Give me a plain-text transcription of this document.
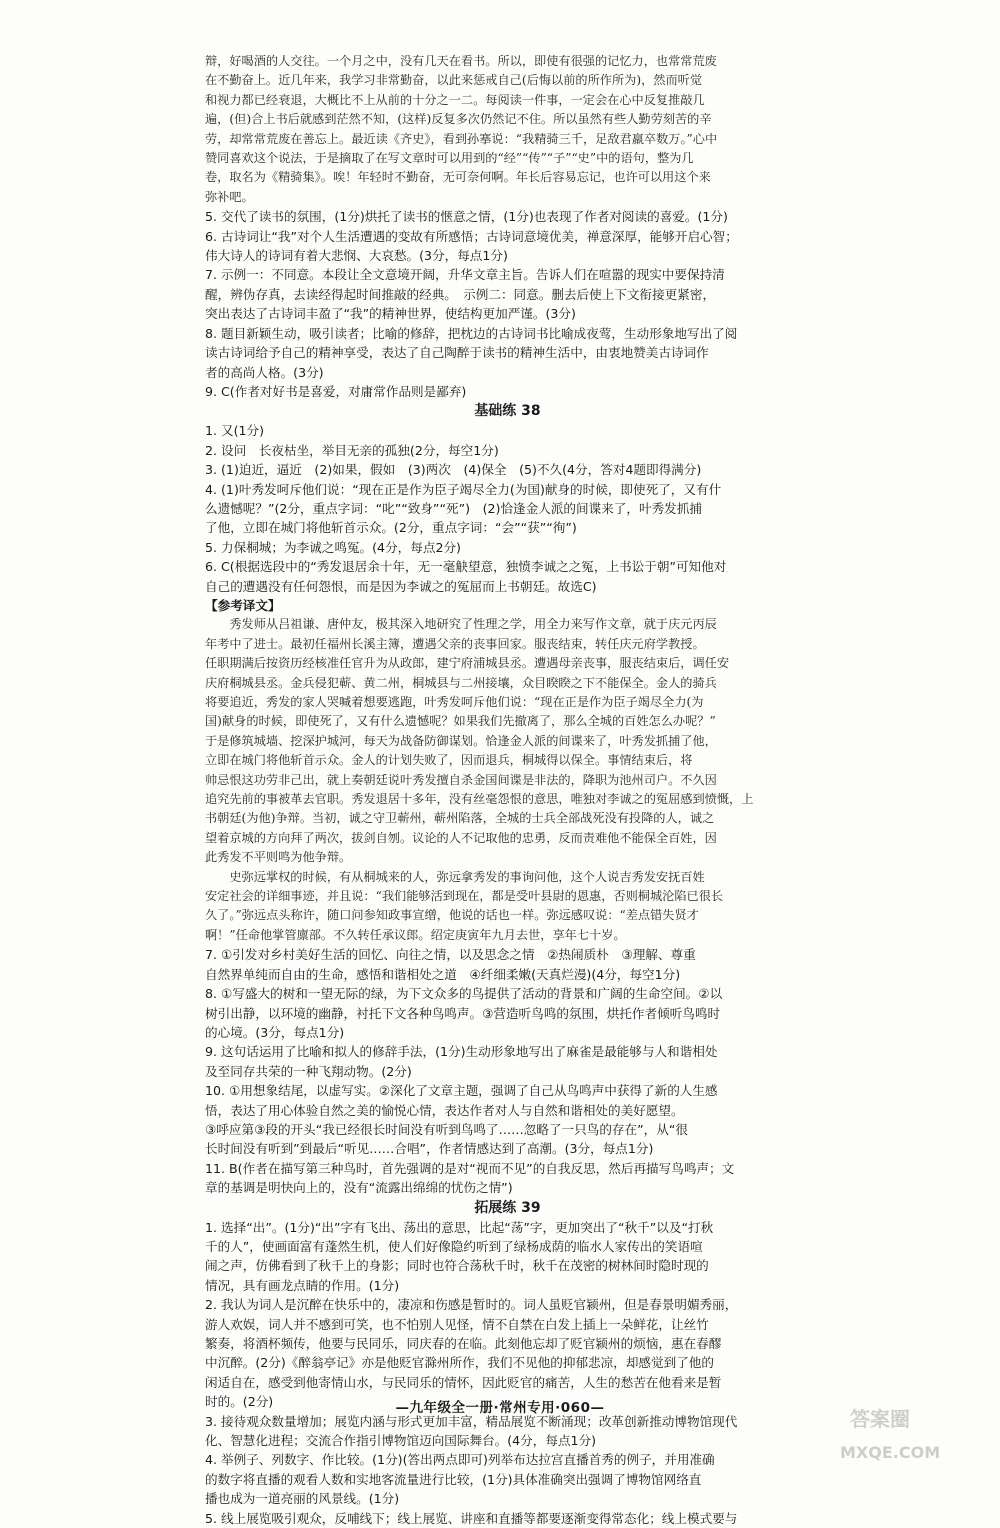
辩，好喝酒的人交往。一个月之中，没有几天在看书。所以，即使有很强的记忆力，也常常荒废
在不勤奋上。近几年来，我学习非常勤奋，以此来惩戒自己(后悔以前的所作所为)，然而听觉
和视力都已经衰退，大概比不上从前的十分之一二。每阅读一件事，一定会在心中反复推敲几
遍，(但)合上书后就感到茫然不知，(这样)反复多次仍然记不住。所以虽然有些人勤劳刻苦的辛
劳，却常常荒废在善忘上。最近读《齐史》，看到孙搴说：“我精骑三千，足敌君羸卒数万。”心中
赞同喜欢这个说法，于是摘取了在写文章时可以用到的“经”“传”“子”“史”中的语句，整为几
卷，取名为《精骑集》。唉！年轻时不勤奋，无可奈何啊。年长后容易忘记，也许可以用这个来
弥补吧。
5. 交代了读书的氛围，(1分)烘托了读书的惬意之情，(1分)也表现了作者对阅读的喜爱。(1分)
6. 古诗词让“我”对个人生活遭遇的变故有所感悟；古诗词意境优美，禅意深厚，能够开启心智；
伟大诗人的诗词有着大悲悯、大哀愁。(3分，每点1分)
7. 示例一：不同意。本段让全文意境开阔，升华文章主旨。告诉人们在喧嚣的现实中要保持清
醒，辨伪存真，去读经得起时间推敲的经典。　示例二：同意。删去后使上下文衔接更紧密，
突出表达了古诗词丰盈了“我”的精神世界，使结构更加严谨。(3分)
8. 题目新颖生动，吸引读者；比喻的修辞，把枕边的古诗词书比喻成夜莺，生动形象地写出了阅
读古诗词给予自己的精神享受，表达了自己陶醉于读书的精神生活中，由衷地赞美古诗词作
者的高尚人格。(3分)
9. C(作者对好书是喜爱，对庸常作品则是鄙弃)
基础练 38
1. 又(1分)
2. 设问　长夜枯坐，举目无亲的孤独(2分，每空1分)
3. (1)迫近，逼近　(2)如果，假如　(3)两次　(4)保全　(5)不久(4分，答对4题即得满分)
4. (1)叶秀发呵斥他们说：“现在正是作为臣子竭尽全力(为国)献身的时候，即使死了，又有什
么遗憾呢？”(2分，重点字词：“叱”“致身”“死”)　(2)恰逢金人派的间谍来了，叶秀发抓捕
了他，立即在城门将他斩首示众。(2分，重点字词：“会”“获”“徇”)
5. 力保桐城；为李诚之鸣冤。(4分，每点2分)
6. C(根据选段中的“秀发退居余十年，无一毫觖望意，独愤李诚之之冤，上书讼于朝”可知他对
自己的遭遇没有任何怨恨，而是因为李诚之的冤屈而上书朝廷。故选C)
【参考译文】
　　秀发师从吕祖谦、唐仲友，极其深入地研究了性理之学，用全力来写作文章，就于庆元丙辰
年考中了进士。最初任福州长溪主簿，遭遇父亲的丧事回家。服丧结束，转任庆元府学教授。
任职期满后按资历经核准任官升为从政郎，建宁府浦城县丞。遭遇母亲丧事，服丧结束后，调任安
庆府桐城县丞。金兵侵犯蕲、黄二州，桐城县与二州接壤，众目睽睽之下不能保全。金人的骑兵
将要追近，秀发的家人哭喊着想要逃跑，叶秀发呵斥他们说：“现在正是作为臣子竭尽全力(为
国)献身的时候，即使死了，又有什么遗憾呢？如果我们先撤离了，那么全城的百姓怎么办呢？”
于是修筑城墙、挖深护城河，每天为战备防御谋划。恰逢金人派的间谍来了，叶秀发抓捕了他，
立即在城门将他斩首示众。金人的计划失败了，因而退兵，桐城得以保全。事情结束后，将
帅忌恨这功劳非己出，就上奏朝廷说叶秀发擅自杀金国间谍是非法的，降职为池州司户。不久因
追究先前的事被革去官职。秀发退居十多年，没有丝毫怨恨的意思，唯独对李诚之的冤屈感到愤慨，上
书朝廷(为他)争辩。当初，诚之守卫蕲州，蕲州陷落，全城的士兵全部战死没有投降的人，诚之
望着京城的方向拜了两次，拔剑自刎。议论的人不记取他的忠勇，反而责难他不能保全百姓，因
此秀发不平则鸣为他争辩。
　　史弥远掌权的时候，有从桐城来的人，弥远拿秀发的事询问他，这个人说吉秀发安抚百姓
安定社会的详细事迹，并且说：“我们能够活到现在，都是受叶县尉的恩惠，否则桐城沦陷已很长
久了。”弥远点头称许，随口问参知政事宣缯，他说的话也一样。弥远感叹说：“差点错失贤才
啊！”任命他掌管廪部。不久转任承议郎。绍定庚寅年九月去世，享年七十岁。
7. ①引发对乡村美好生活的回忆、向往之情，以及思念之情　②热闹质朴　③理解、尊重
自然界单纯而自由的生命，感悟和谐相处之道　④纤细柔嫩(天真烂漫)(4分，每空1分)
8. ①写盛大的树和一望无际的绿，为下文众多的鸟提供了活动的背景和广阔的生命空间。②以
树引出静，以环境的幽静，衬托下文各种鸟鸣声。③营造听鸟鸣的氛围，烘托作者倾听鸟鸣时
的心境。(3分，每点1分)
9. 这句话运用了比喻和拟人的修辞手法，(1分)生动形象地写出了麻雀是最能够与人和谐相处
及至同存共荣的一种飞翔动物。(2分)
10. ①用想象结尾，以虚写实。②深化了文章主题，强调了自己从鸟鸣声中获得了新的人生感
悟，表达了用心体验自然之美的愉悦心情，表达作者对人与自然和谐相处的美好愿望。
③呼应第③段的开头“我已经很长时间没有听到鸟鸣了……忽略了一只鸟的存在”，从“很
长时间没有听到”到最后“听见……合唱”，作者情感达到了高潮。(3分，每点1分)
11. B(作者在描写第三种鸟时，首先强调的是对“视而不见”的自我反思，然后再描写鸟鸣声；文
章的基调是明快向上的，没有“流露出绵绵的忧伤之情”)
拓展练 39
1. 选择“出”。(1分)“出”字有飞出、荡出的意思，比起“荡”字，更加突出了“秋千”以及“打秋
千的人”，使画面富有蓬然生机，使人们好像隐约听到了绿杨成荫的临水人家传出的笑语喧
闹之声，仿佛看到了秋千上的身影；同时也符合荡秋千时，秋千在茂密的树林间时隐时现的
情况，具有画龙点睛的作用。(1分)
2. 我认为词人是沉醉在快乐中的，凄凉和伤感是暂时的。词人虽贬官颍州，但是春景明媚秀丽，
游人欢娱，词人并不感到可笑，也不怕别人见怪，情不自禁在白发上插上一朵鲜花，让丝竹
繁奏，将酒杯频传，他要与民同乐，同庆春的在临。此刻他忘却了贬官颍州的烦恼，惠在春醪
中沉醉。(2分)《醉翁亭记》亦是他贬官滁州所作，我们不见他的抑郁悲凉，却感觉到了他的
闲适自在，感受到他寄情山水，与民同乐的情怀，因此贬官的痛苦，人生的愁苦在他看来是暂
时的。(2分)
3. 接待观众数量增加；展览内涵与形式更加丰富，精品展览不断涌现；改革创新推动博物馆现代
化、智慧化进程；交流合作指引博物馆迈向国际舞台。(4分，每点1分)
4. 举例子、列数字、作比较。(1分)(答出两点即可)列举布达拉宫直播首秀的例子，并用准确
的数字将直播的观看人数和实地客流量进行比较，(1分)具体准确突出强调了博物馆网络直
播也成为一道亮丽的风景线。(1分)
5. 线上展览吸引观众，反哺线下；线上展览、讲座和直播等都要逐渐变得常态化；线上模式要与
—九年级全一册·常州专用·060—	答案圈
MXQE.COM
